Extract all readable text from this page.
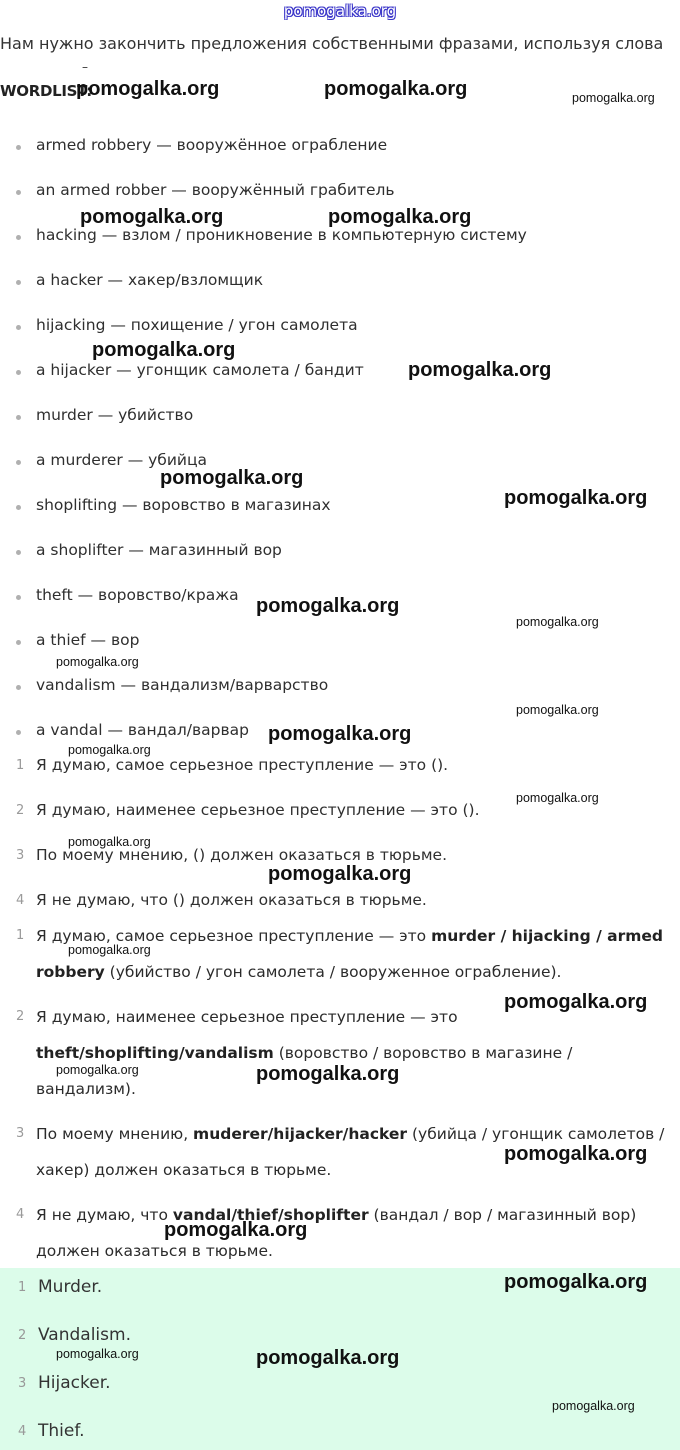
pomogalka.org
Нам нужно закончить предложения собственными фразами, используя слова
–
WORDLIST:
armed robbery — вооружённое ограбление
an armed robber — вооружённый грабитель
hacking — взлом / проникновение в компьютерную систему
a hacker — хакер/взломщик
hijacking — похищение / угон самолета
a hijacker — угонщик самолета / бандит
murder — убийство
a murderer — убийца
shoplifting — воровство в магазинах
a shoplifter — магазинный вор
theft — воровство/кража
a thief — вор
vandalism — вандализм/варварство
a vandal — вандал/варвар
1 Я думаю, самое серьезное преступление — это ().
2 Я думаю, наименее серьезное преступление — это ().
3 По моему мнению, () должен оказаться в тюрьме.
4 Я не думаю, что () должен оказаться в тюрьме.
1 Я думаю, самое серьезное преступление — это murder / hijacking / armed robbery (убийство / угон самолета / вооруженное ограбление).
2 Я думаю, наименее серьезное преступление — это
theft/shoplifting/vandalism (воровство / воровство в магазине / вандализм).
3 По моему мнению, muderer/hijacker/hacker (убийца / угонщик самолетов / хакер) должен оказаться в тюрьме.
4 Я не думаю, что vandal/thief/shoplifter (вандал / вор / магазинный вор) должен оказаться в тюрьме.
1 Murder.
2 Vandalism.
3 Hijacker.
4 Thief.
pomogalka.org	pomogalka.org	pomogalka.org
pomogalka.org	pomogalka.org
pomogalka.org
pomogalka.org
pomogalka.org
pomogalka.org
pomogalka.org
pomogalka.org
pomogalka.org
pomogalka.org
pomogalka.org
pomogalka.org
pomogalka.org
pomogalka.org
pomogalka.org
pomogalka.org
pomogalka.org
pomogalka.org	pomogalka.org
pomogalka.org
pomogalka.org
pomogalka.org
pomogalka.org	pomogalka.org
pomogalka.org
